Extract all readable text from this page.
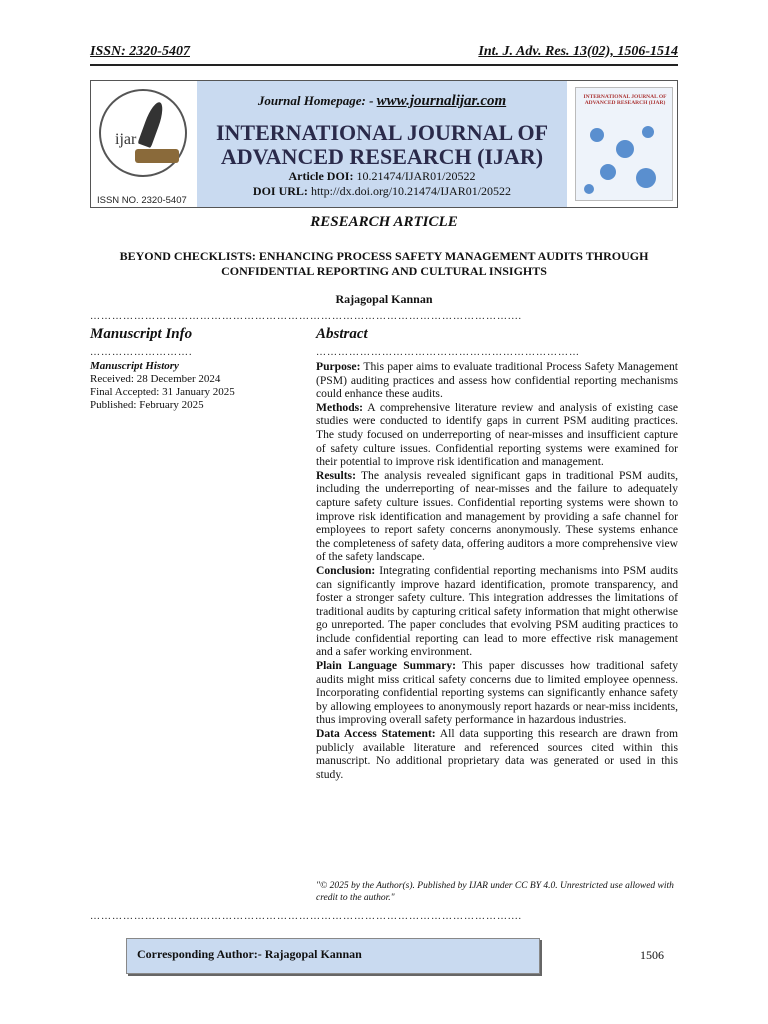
ISSN: 2320-5407	Int. J. Adv. Res. 13(02), 1506-1514
ijar
ISSN NO. 2320-5407
Journal Homepage: - www.journalijar.com
INTERNATIONAL JOURNAL OF
ADVANCED RESEARCH (IJAR)
Article DOI: 10.21474/IJAR01/20522
DOI URL: http://dx.doi.org/10.21474/IJAR01/20522
INTERNATIONAL JOURNAL OF ADVANCED RESEARCH (IJAR)
RESEARCH ARTICLE
BEYOND CHECKLISTS: ENHANCING PROCESS SAFETY MANAGEMENT AUDITS THROUGH
CONFIDENTIAL REPORTING AND CULTURAL INSIGHTS
Rajagopal Kannan
……………………………………………………………………………………………………....
Manuscript Info	Abstract
……………………….	………………………………………………………………
Manuscript History
Received: 28 December 2024
Final Accepted: 31 January 2025
Published: February 2025

Purpose: This paper aims to evaluate traditional Process Safety Management (PSM) auditing practices and assess how confidential reporting mechanisms could enhance these audits.

Methods: A comprehensive literature review and analysis of existing case studies were conducted to identify gaps in current PSM auditing practices. The study focused on underreporting of near-misses and insufficient capture of safety culture issues. Confidential reporting systems were examined for their potential to improve risk identification and management.

Results: The analysis revealed significant gaps in traditional PSM audits, including the underreporting of near-misses and the failure to adequately capture safety culture issues. Confidential reporting systems were shown to improve risk identification and management by providing a safe channel for employees to report safety concerns anonymously. These systems enhance the completeness of safety data, offering auditors a more comprehensive view of the safety landscape.

Conclusion: Integrating confidential reporting mechanisms into PSM audits can significantly improve hazard identification, promote transparency, and foster a stronger safety culture. This integration addresses the limitations of traditional audits by capturing critical safety information that might otherwise go unreported. The paper concludes that evolving PSM auditing practices to include confidential reporting can lead to more effective risk management and a safer working environment.

Plain Language Summary: This paper discusses how traditional safety audits might miss critical safety concerns due to limited employee openness. Incorporating confidential reporting systems can significantly enhance safety by allowing employees to anonymously report hazards or near-miss incidents, thus improving overall safety performance in hazardous industries.

Data Access Statement: All data supporting this research are drawn from publicly available literature and referenced sources cited within this manuscript. No additional proprietary data was generated or used in this study.

"© 2025 by the Author(s). Published by IJAR under CC BY 4.0. Unrestricted use allowed with credit to the author."
……………………………………………………………………………………………………....
Corresponding Author:- Rajagopal Kannan	1506
